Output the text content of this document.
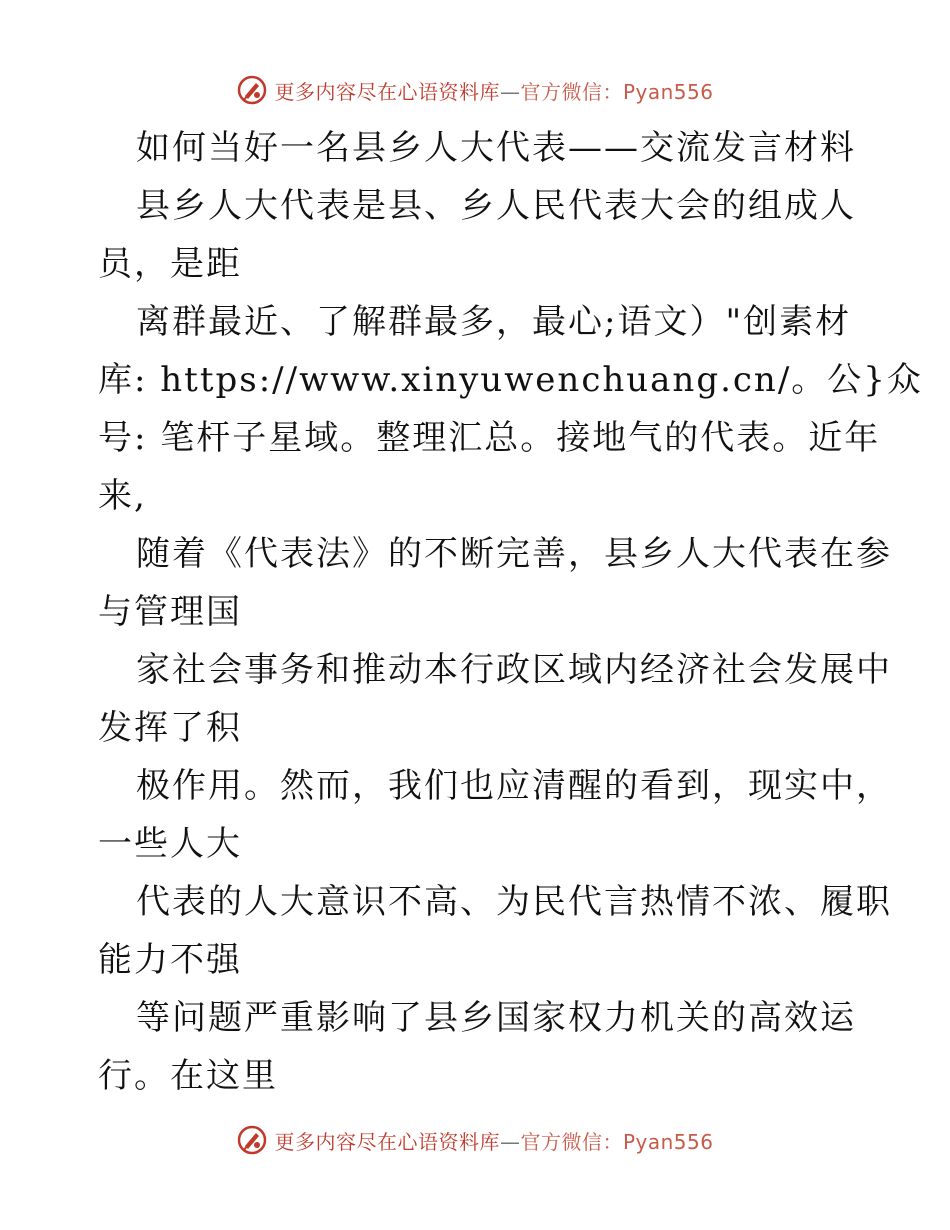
更多内容尽在心语资料库—官方微信：Pyan556
如何当好一名县乡人大代表——交流发言材料
县乡人大代表是县、乡人民代表大会的组成人
员，是距
离群最近、了解群最多，最心;语文）"创素材
库: https://www.xinyuwenchuang.cn/。公}众
号: 笔杆子星域。整理汇总。接地气的代表。近年
来,
随着《代表法》的不断完善，县乡人大代表在参
与管理国
家社会事务和推动本行政区域内经济社会发展中
发挥了积
极作用。然而，我们也应清醒的看到，现实中，
一些人大
代表的人大意识不高、为民代言热情不浓、履职
能力不强
等问题严重影响了县乡国家权力机关的高效运
行。在这里
更多内容尽在心语资料库—官方微信：Pyan556
